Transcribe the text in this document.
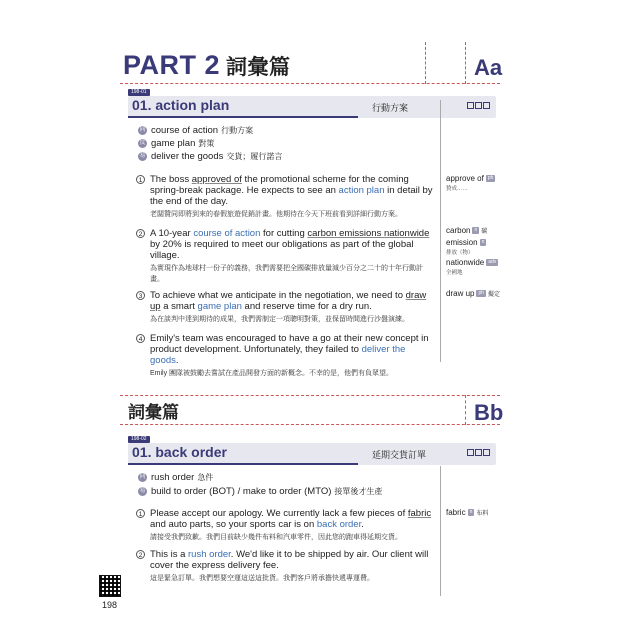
PART 2 詞彙篇	Aa
198-01
01. action plan	行動方案
同 course of action 行動方案
反 game plan 對策
易 deliver the goods 交貨；履行諾言
1 The boss approved of the promotional scheme for the coming spring-break package. He expects to see an action plan in detail by the end of the day.
老闆贊同即將到來的春假旅遊促銷計畫。他期待在今天下班前看到詳細行動方案。
2 A 10-year course of action for cutting carbon emissions nationwide by 20% is required to meet our obligations as part of the global village.
為實現作為地球村一份子的義務，我們需要把全國碳排放量減少百分之二十的十年行動計畫。
3 To achieve what we anticipate in the negotiation, we need to draw up a smart game plan and reserve time for a dry run.
為在談判中達到期待的成果，我們需制定一項聰明對策，並保留時間進行沙盤演練。
4 Emily's team was encouraged to have a go at their new concept in product development. Unfortunately, they failed to deliver the goods.
Emily 團隊被鼓勵去嘗試在產品開發方面的新概念。不幸的是，他們有負眾望。
approve of ph
贊成……
carbon n 碳
emission n
排放（物）
nationwide adv
全國地
draw up ph 擬定
詞彙篇	Bb
198-02
01. back order	延期交貨訂單
同 rush order 急件
易 build to order (BOT) / make to order (MTO) 接單後才生產
1 Please accept our apology. We currently lack a few pieces of fabric and auto parts, so your sports car is on back order.
請接受我們致歉。我們目前缺少幾件布料和汽車零件，因此您的跑車得延期交貨。
2 This is a rush order. We'd like it to be shipped by air. Our client will cover the express delivery fee.
這是緊急訂單。我們想要空運這送這批貨。我們客戶將承擔快遞專運費。
fabric n 布料
198
